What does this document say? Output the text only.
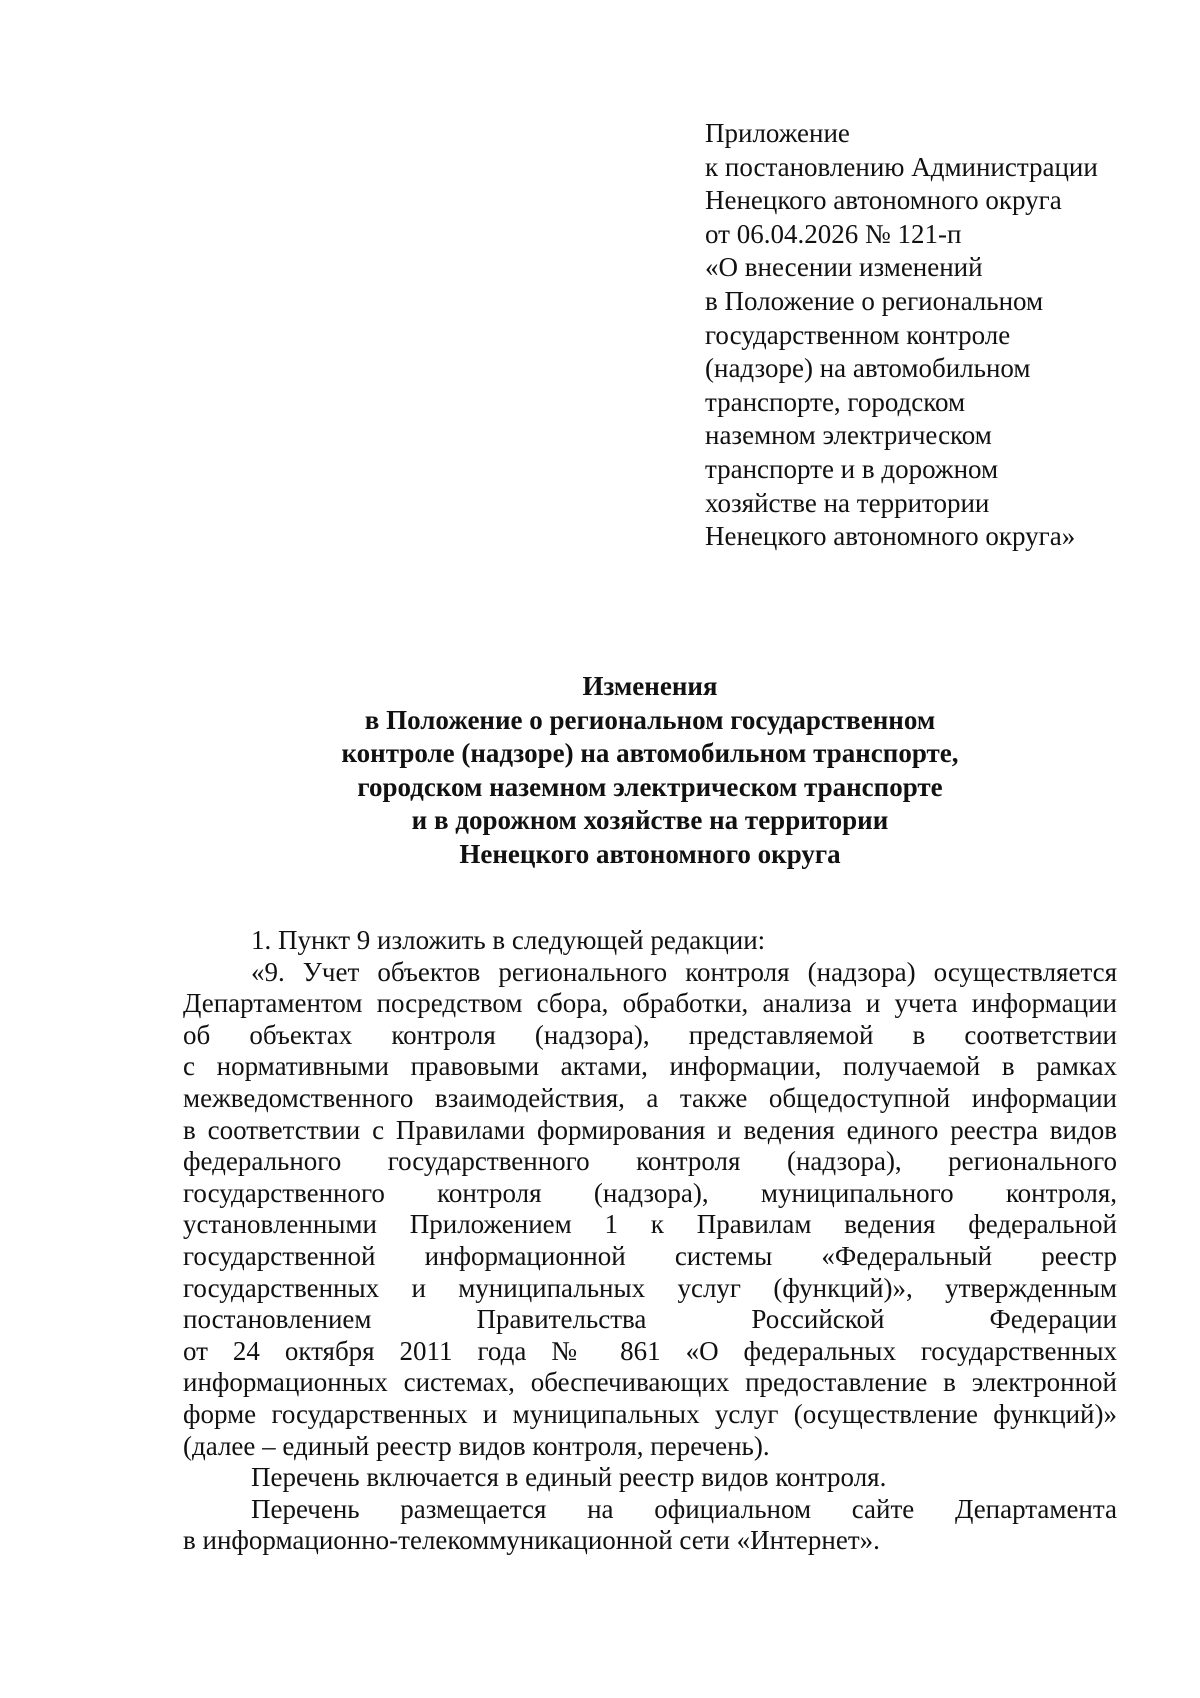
Приложение
к постановлению Администрации
Ненецкого автономного округа
от 06.04.2026 № 121-п
«О внесении изменений
в Положение о региональном
государственном контроле
(надзоре) на автомобильном
транспорте, городском
наземном электрическом
транспорте и в дорожном
хозяйстве на территории
Ненецкого автономного округа»
Изменения
в Положение о региональном государственном
контроле (надзоре) на автомобильном транспорте,
городском наземном электрическом транспорте
и в дорожном хозяйстве на территории
Ненецкого автономного округа
1. Пункт 9 изложить в следующей редакции:
«9. Учет объектов регионального контроля (надзора) осуществляется
Департаментом посредством сбора, обработки, анализа и учета информации
об объектах контроля (надзора), представляемой в соответствии
с нормативными правовыми актами, информации, получаемой в рамках
межведомственного взаимодействия, а также общедоступной информации
в соответствии с Правилами формирования и ведения единого реестра видов
федерального государственного контроля (надзора), регионального
государственного контроля (надзора), муниципального контроля,
установленными Приложением 1 к Правилам ведения федеральной
государственной информационной системы «Федеральный реестр
государственных и муниципальных услуг (функций)», утвержденным
постановлением Правительства Российской Федерации
от 24 октября 2011 года № 861 «О федеральных государственных
информационных системах, обеспечивающих предоставление в электронной
форме государственных и муниципальных услуг (осуществление функций)»
(далее – единый реестр видов контроля, перечень).
Перечень включается в единый реестр видов контроля.
Перечень размещается на официальном сайте Департамента
в информационно-телекоммуникационной сети «Интернет».
